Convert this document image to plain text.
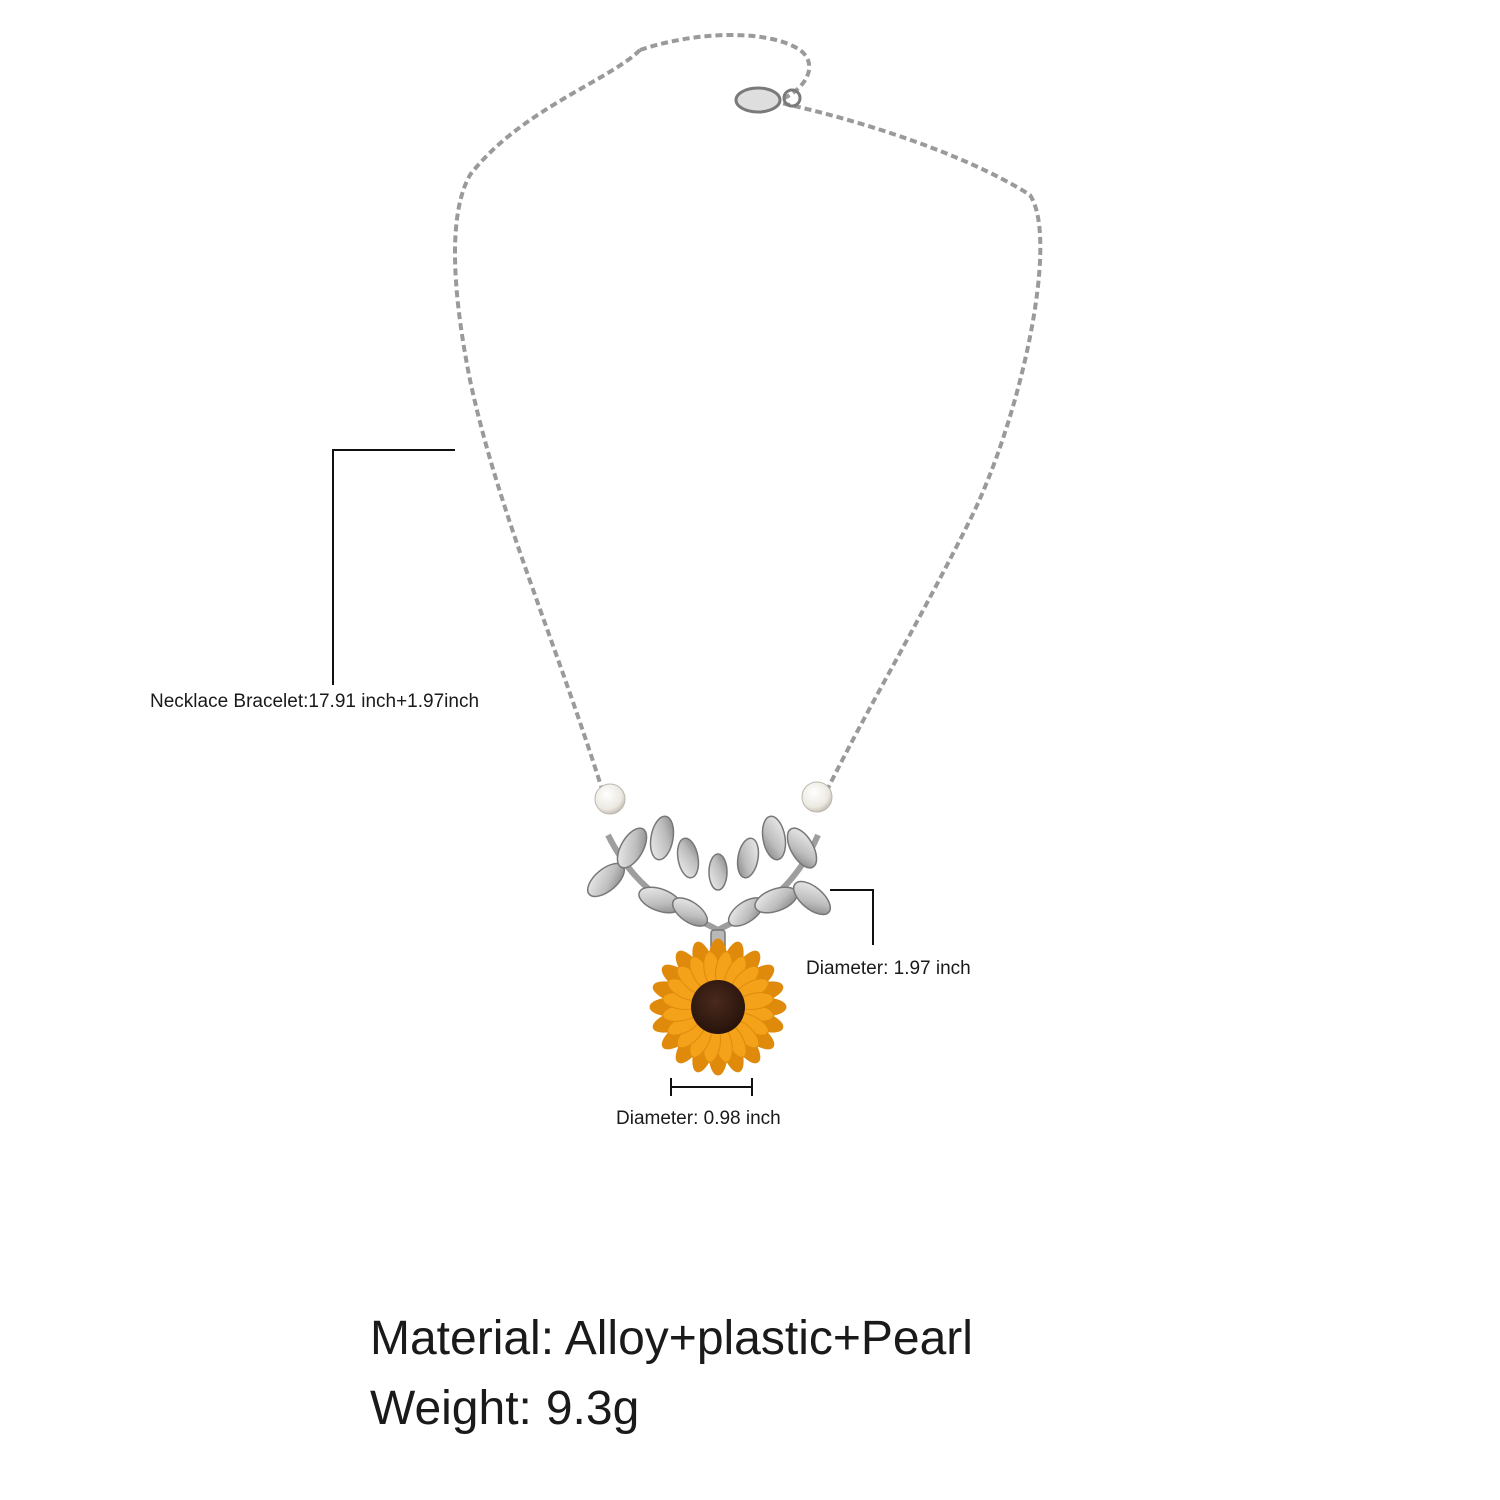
Necklace Bracelet:17.91 inch+1.97inch
Diameter: 1.97 inch
Diameter: 0.98 inch
Material: Alloy+plastic+Pearl
Weight: 9.3g
